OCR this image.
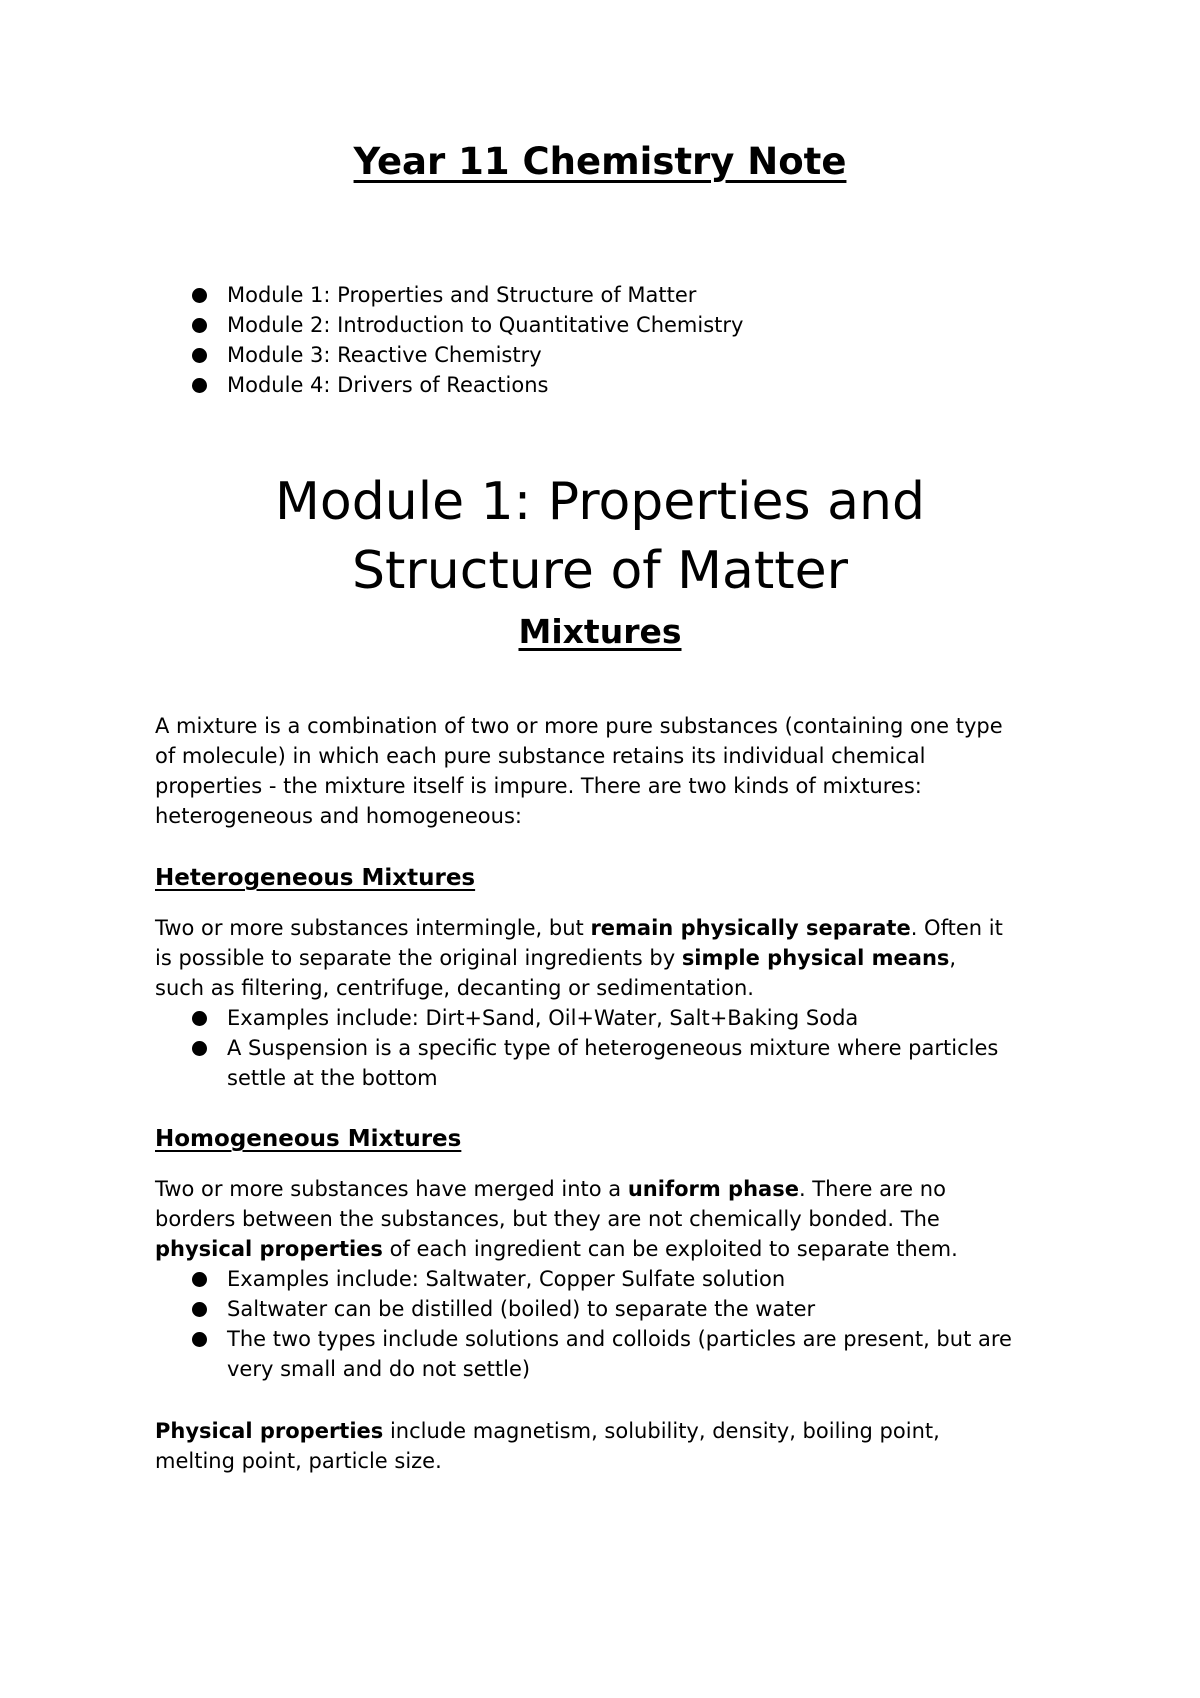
Year 11 Chemistry Note
Module 1: Properties and Structure of Matter
Module 2: Introduction to Quantitative Chemistry
Module 3: Reactive Chemistry
Module 4: Drivers of Reactions
Module 1: Properties and
Structure of Matter
Mixtures

A mixture is a combination of two or more pure substances (containing one type

of molecule) in which each pure substance retains its individual chemical

properties - the mixture itself is impure. There are two kinds of mixtures:

heterogeneous and homogeneous:

Heterogeneous Mixtures

Two or more substances intermingle, but remain physically separate. Often it

is possible to separate the original ingredients by simple physical means,

such as filtering, centrifuge, decanting or sedimentation.

Examples include: Dirt+Sand, Oil+Water, Salt+Baking Soda
A Suspension is a specific type of heterogeneous mixture where particles settle at the bottom
Homogeneous Mixtures

Two or more substances have merged into a uniform phase. There are no

borders between the substances, but they are not chemically bonded. The

physical properties of each ingredient can be exploited to separate them.

Examples include: Saltwater, Copper Sulfate solution
Saltwater can be distilled (boiled) to separate the water
The two types include solutions and colloids (particles are present, but are very small and do not settle)

Physical properties include magnetism, solubility, density, boiling point,

melting point, particle size.
